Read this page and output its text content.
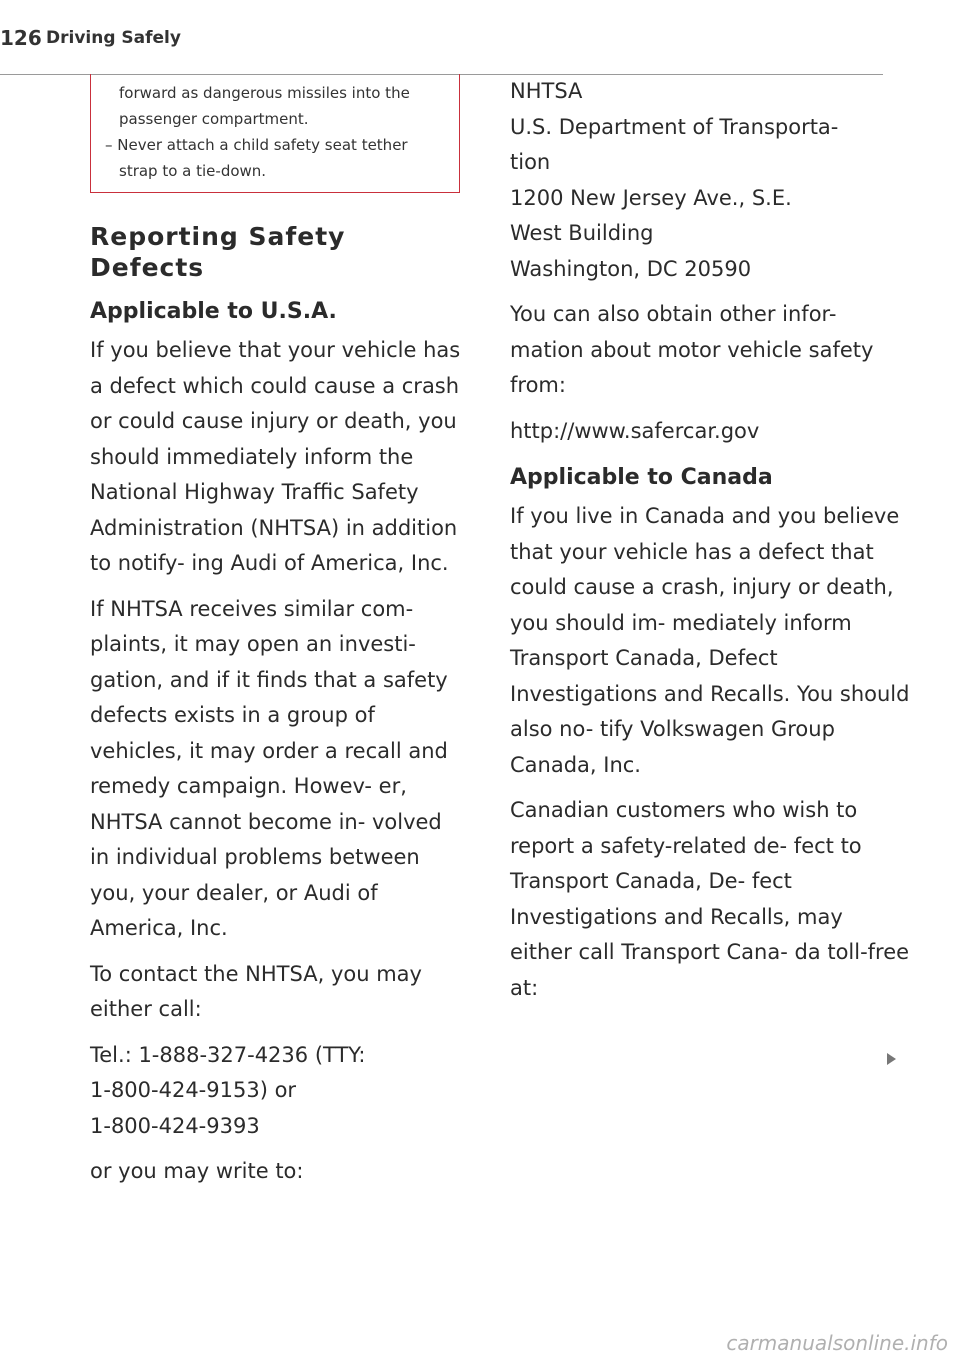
126 Driving Safely

forward as dangerous missiles into the

passenger compartment.

– Never attach a child safety seat tether

strap to a tie-down.

Reporting Safety
Defects
Applicable to U.S.A.

If you believe that your vehicle has a defect which could cause a crash or could cause injury or death, you should immediately inform the National Highway Traffic Safety Administration (NHTSA) in addition to notify- ing Audi of America, Inc.

If NHTSA receives similar com- plaints, it may open an investi- gation, and if it finds that a safety defects exists in a group of vehicles, it may order a recall and remedy campaign. Howev- er, NHTSA cannot become in- volved in individual problems between you, your dealer, or Audi of America, Inc.

To contact the NHTSA, you may either call:

Tel.: 1-888-327-4236 (TTY:
1-800-424-9153) or
1-800-424-9393

or you may write to:

NHTSA
U.S. Department of Transporta-
tion
1200 New Jersey Ave., S.E.
West Building
Washington, DC 20590

You can also obtain other infor- mation about motor vehicle safety from:

http://www.safercar.gov

Applicable to Canada

If you live in Canada and you believe that your vehicle has a defect that could cause a crash, injury or death, you should im- mediately inform Transport Canada, Defect Investigations and Recalls. You should also no- tify Volkswagen Group Canada, Inc.

Canadian customers who wish to report a safety-related de- fect to Transport Canada, De- fect Investigations and Recalls, may either call Transport Cana- da toll-free at:

carmanualsonline.info
